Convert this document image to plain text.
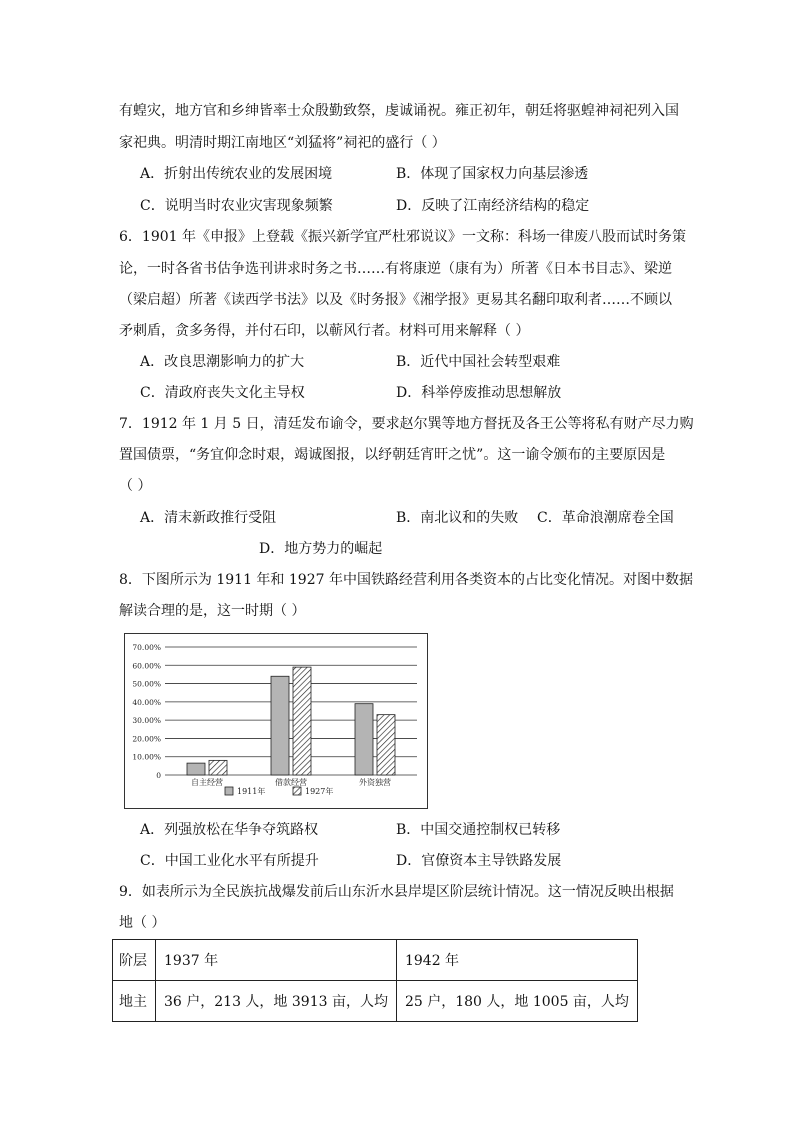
有蝗灾，地方官和乡绅皆率士众殷勤致祭，虔诚诵祝。雍正初年，朝廷将驱蝗神祠祀列入国
家祀典。明清时期江南地区“刘猛将”祠祀的盛行（ ）
A．折射出传统农业的发展困境	B．体现了国家权力向基层渗透
C．说明当时农业灾害现象频繁	D．反映了江南经济结构的稳定
6．1901 年《申报》上登载《振兴新学宜严杜邪说议》一文称：科场一律废八股而试时务策
论，一时各省书估争选刊讲求时务之书……有将康逆（康有为）所著《日本书目志》、梁逆
（梁启超）所著《读西学书法》以及《时务报》《湘学报》更易其名翻印取利者……不顾以
矛刺盾，贪多务得，并付石印，以蕲风行者。材料可用来解释（ ）
A．改良思潮影响力的扩大	B．近代中国社会转型艰难
C．清政府丧失文化主导权	D．科举停废推动思想解放
7．1912 年 1 月 5 日，清廷发布谕令，要求赵尔巽等地方督抚及各王公等将私有财产尽力购
置国债票，“务宜仰念时艰，竭诚图报，以纾朝廷宵旰之忧”。这一谕令颁布的主要原因是
（ ）
A．清末新政推行受阻	B．南北议和的失败 C．革命浪潮席卷全国
D．地方势力的崛起
8．下图所示为 1911 年和 1927 年中国铁路经营利用各类资本的占比变化情况。对图中数据
解读合理的是，这一时期（ ）
0
10.00%
20.00%
30.00%
40.00%
50.00%
60.00%
70.00%
自主经营	借款经营	外资独营
1911年	1927年
A．列强放松在华争夺筑路权	B．中国交通控制权已转移
C．中国工业化水平有所提升	D．官僚资本主导铁路发展
9．如表所示为全民族抗战爆发前后山东沂水县岸堤区阶层统计情况。这一情况反映出根据
地（ ）
阶层	1937 年	1942 年
地主	36 户，213 人，地 3913 亩，人均	25 户，180 人，地 1005 亩，人均
